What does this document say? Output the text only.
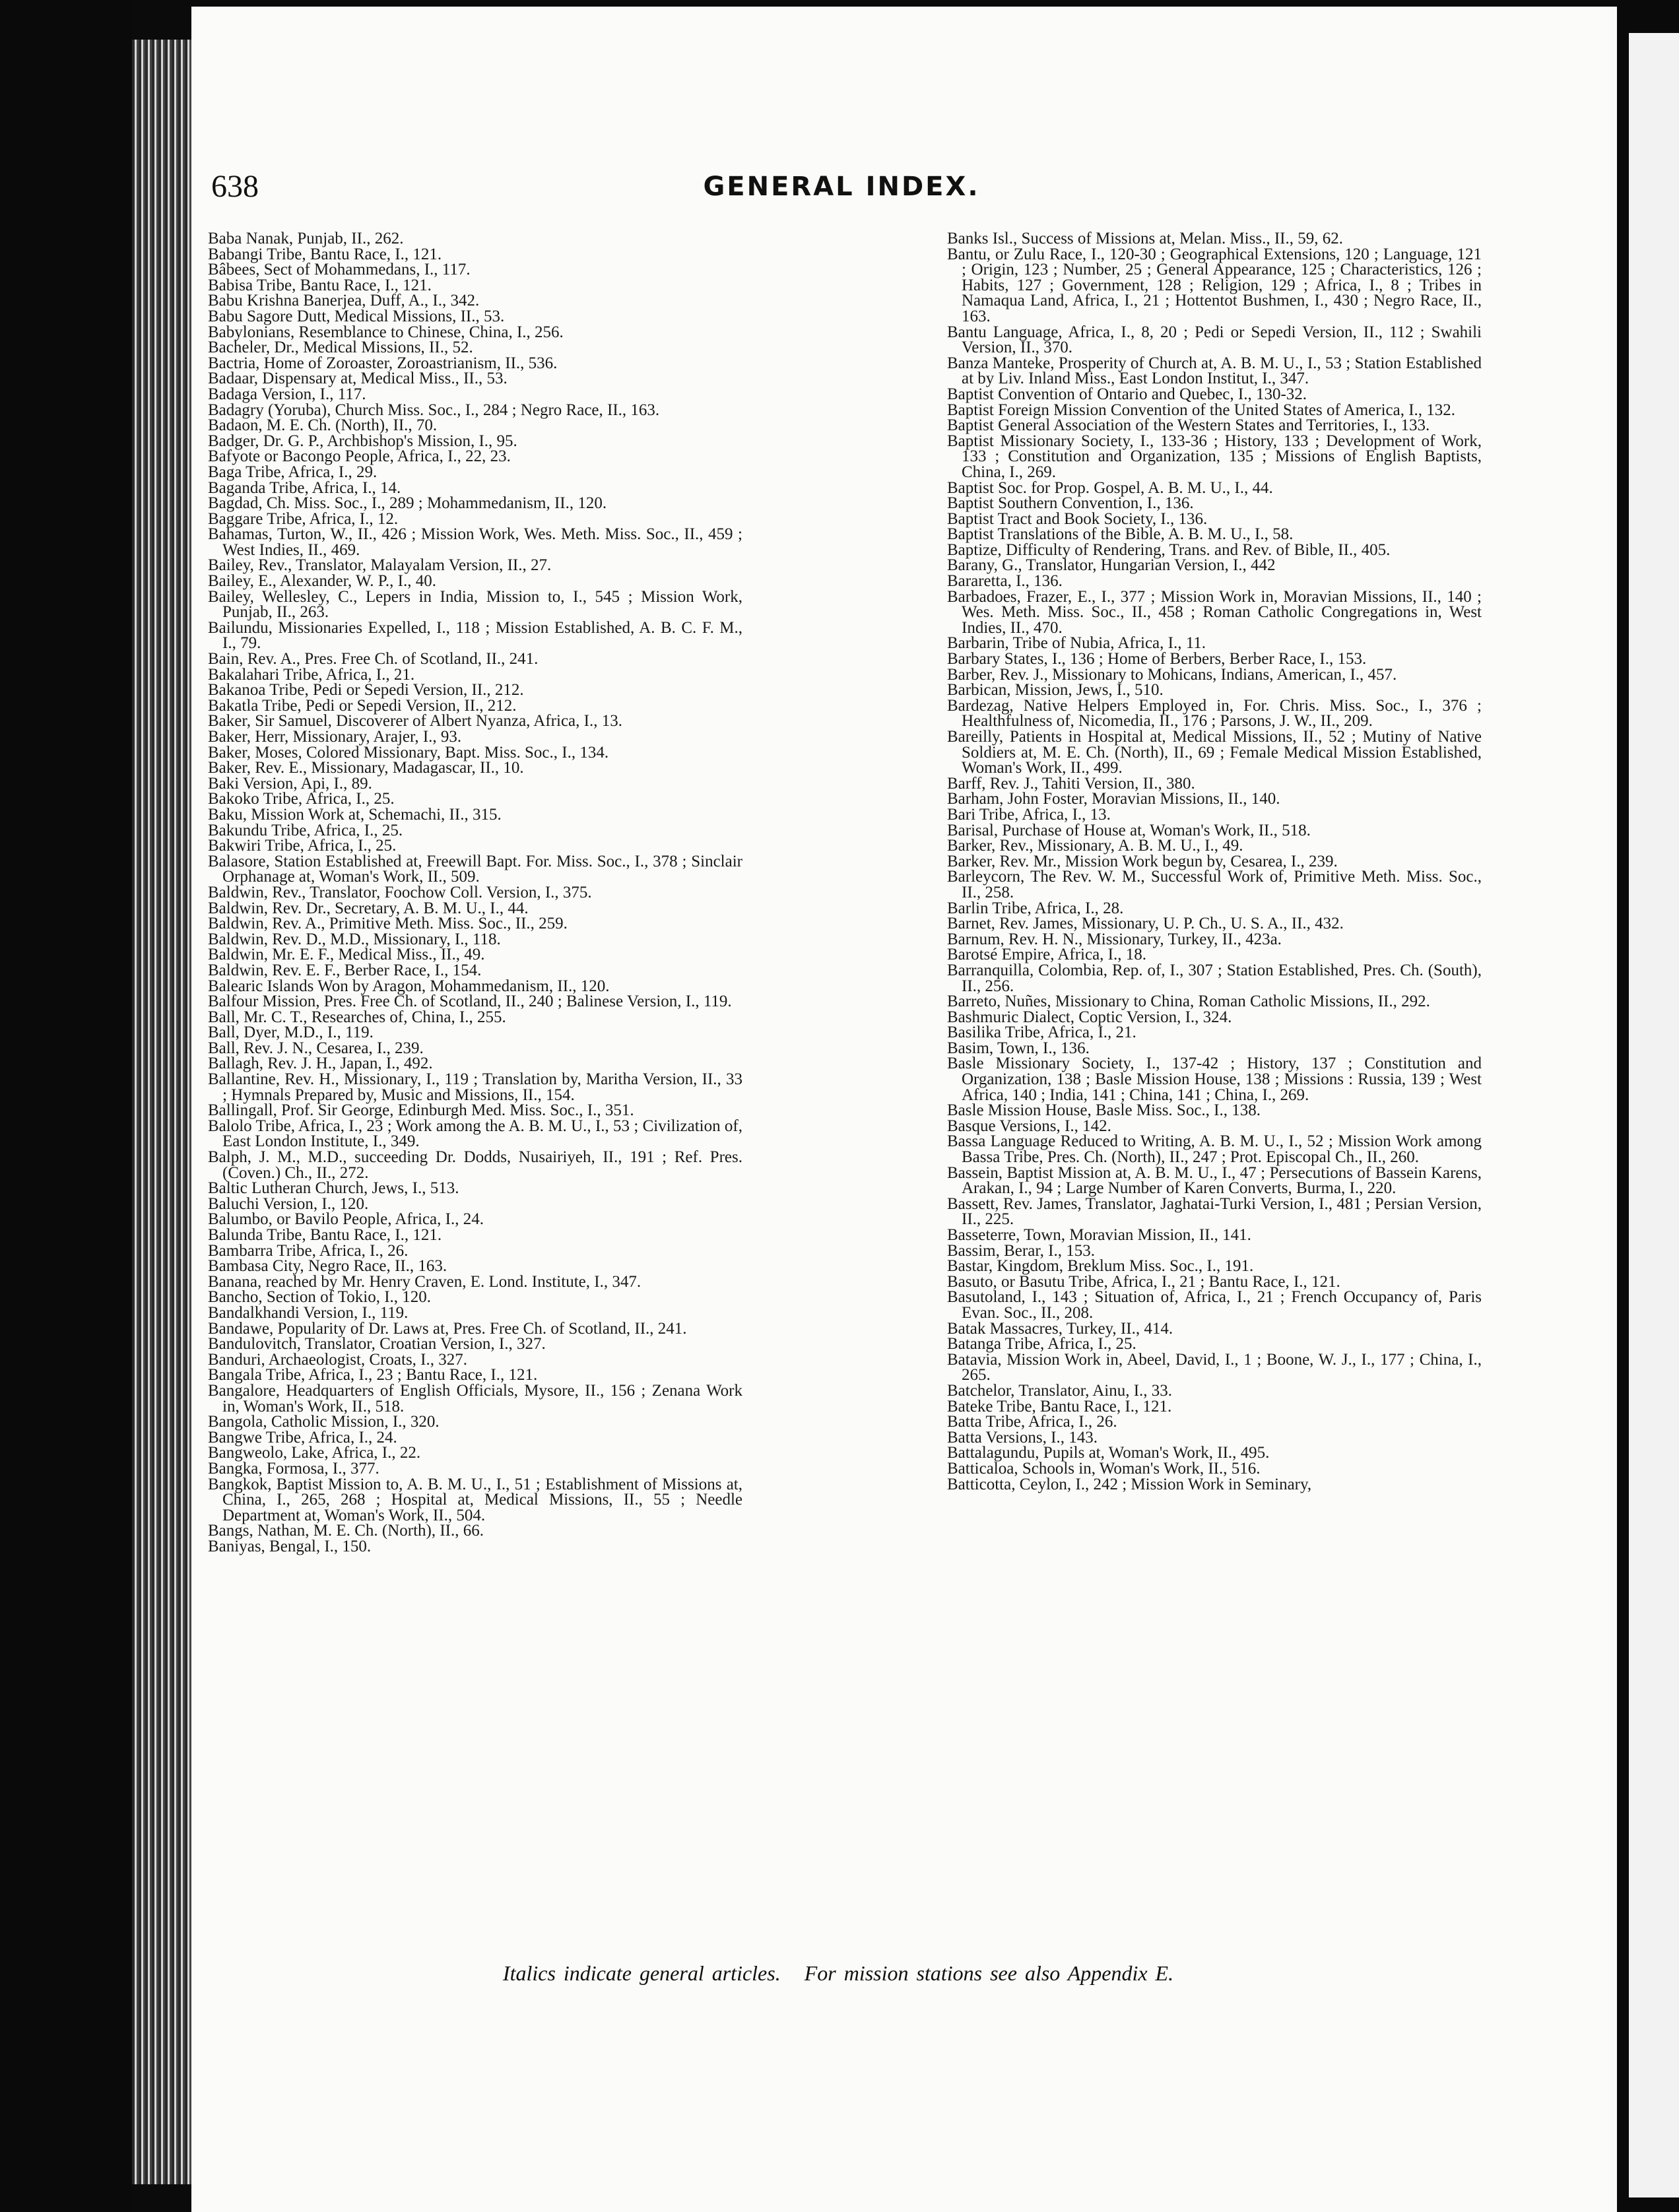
638	GENERAL INDEX.

Baba Nanak, Punjab, II., 262.

Babangi Tribe, Bantu Race, I., 121.

Bâbees, Sect of Mohammedans, I., 117.

Babisa Tribe, Bantu Race, I., 121.

Babu Krishna Banerjea, Duff, A., I., 342.

Babu Sagore Dutt, Medical Missions, II., 53.

Babylonians, Resemblance to Chinese, China, I., 256.

Bacheler, Dr., Medical Missions, II., 52.

Bactria, Home of Zoroaster, Zoroastrianism, II., 536.

Badaar, Dispensary at, Medical Miss., II., 53.

Badaga Version, I., 117.

Badagry (Yoruba), Church Miss. Soc., I., 284 ; Negro Race, II., 163.

Badaon, M. E. Ch. (North), II., 70.

Badger, Dr. G. P., Archbishop's Mission, I., 95.

Bafyote or Bacongo People, Africa, I., 22, 23.

Baga Tribe, Africa, I., 29.

Baganda Tribe, Africa, I., 14.

Bagdad, Ch. Miss. Soc., I., 289 ; Mohammedanism, II., 120.

Baggare Tribe, Africa, I., 12.

Bahamas, Turton, W., II., 426 ; Mission Work, Wes. Meth. Miss. Soc., II., 459 ; West Indies, II., 469.

Bailey, Rev., Translator, Malayalam Version, II., 27.

Bailey, E., Alexander, W. P., I., 40.

Bailey, Wellesley, C., Lepers in India, Mission to, I., 545 ; Mission Work, Punjab, II., 263.

Bailundu, Missionaries Expelled, I., 118 ; Mission Established, A. B. C. F. M., I., 79.

Bain, Rev. A., Pres. Free Ch. of Scotland, II., 241.

Bakalahari Tribe, Africa, I., 21.

Bakanoa Tribe, Pedi or Sepedi Version, II., 212.

Bakatla Tribe, Pedi or Sepedi Version, II., 212.

Baker, Sir Samuel, Discoverer of Albert Nyanza, Africa, I., 13.

Baker, Herr, Missionary, Arajer, I., 93.

Baker, Moses, Colored Missionary, Bapt. Miss. Soc., I., 134.

Baker, Rev. E., Missionary, Madagascar, II., 10.

Baki Version, Api, I., 89.

Bakoko Tribe, Africa, I., 25.

Baku, Mission Work at, Schemachi, II., 315.

Bakundu Tribe, Africa, I., 25.

Bakwiri Tribe, Africa, I., 25.

Balasore, Station Established at, Freewill Bapt. For. Miss. Soc., I., 378 ; Sinclair Orphanage at, Woman's Work, II., 509.

Baldwin, Rev., Translator, Foochow Coll. Version, I., 375.

Baldwin, Rev. Dr., Secretary, A. B. M. U., I., 44.

Baldwin, Rev. A., Primitive Meth. Miss. Soc., II., 259.

Baldwin, Rev. D., M.D., Missionary, I., 118.

Baldwin, Mr. E. F., Medical Miss., II., 49.

Baldwin, Rev. E. F., Berber Race, I., 154.

Balearic Islands Won by Aragon, Mohammedanism, II., 120.

Balfour Mission, Pres. Free Ch. of Scotland, II., 240 ; Balinese Version, I., 119.

Ball, Mr. C. T., Researches of, China, I., 255.

Ball, Dyer, M.D., I., 119.

Ball, Rev. J. N., Cesarea, I., 239.

Ballagh, Rev. J. H., Japan, I., 492.

Ballantine, Rev. H., Missionary, I., 119 ; Translation by, Maritha Version, II., 33 ; Hymnals Prepared by, Music and Missions, II., 154.

Ballingall, Prof. Sir George, Edinburgh Med. Miss. Soc., I., 351.

Balolo Tribe, Africa, I., 23 ; Work among the A. B. M. U., I., 53 ; Civilization of, East London Institute, I., 349.

Balph, J. M., M.D., succeeding Dr. Dodds, Nusairiyeh, II., 191 ; Ref. Pres. (Coven.) Ch., II., 272.

Baltic Lutheran Church, Jews, I., 513.

Baluchi Version, I., 120.

Balumbo, or Bavilo People, Africa, I., 24.

Balunda Tribe, Bantu Race, I., 121.

Bambarra Tribe, Africa, I., 26.

Bambasa City, Negro Race, II., 163.

Banana, reached by Mr. Henry Craven, E. Lond. Institute, I., 347.

Bancho, Section of Tokio, I., 120.

Bandalkhandi Version, I., 119.

Bandawe, Popularity of Dr. Laws at, Pres. Free Ch. of Scotland, II., 241.

Bandulovitch, Translator, Croatian Version, I., 327.

Banduri, Archaeologist, Croats, I., 327.

Bangala Tribe, Africa, I., 23 ; Bantu Race, I., 121.

Bangalore, Headquarters of English Officials, Mysore, II., 156 ; Zenana Work in, Woman's Work, II., 518.

Bangola, Catholic Mission, I., 320.

Bangwe Tribe, Africa, I., 24.

Bangweolo, Lake, Africa, I., 22.

Bangka, Formosa, I., 377.

Bangkok, Baptist Mission to, A. B. M. U., I., 51 ; Establishment of Missions at, China, I., 265, 268 ; Hospital at, Medical Missions, II., 55 ; Needle Department at, Woman's Work, II., 504.

Bangs, Nathan, M. E. Ch. (North), II., 66.

Baniyas, Bengal, I., 150.

Banks Isl., Success of Missions at, Melan. Miss., II., 59, 62.

Bantu, or Zulu Race, I., 120-30 ; Geographical Extensions, 120 ; Language, 121 ; Origin, 123 ; Number, 25 ; General Appearance, 125 ; Characteristics, 126 ; Habits, 127 ; Government, 128 ; Religion, 129 ; Africa, I., 8 ; Tribes in Namaqua Land, Africa, I., 21 ; Hottentot Bushmen, I., 430 ; Negro Race, II., 163.

Bantu Language, Africa, I., 8, 20 ; Pedi or Sepedi Version, II., 112 ; Swahili Version, II., 370.

Banza Manteke, Prosperity of Church at, A. B. M. U., I., 53 ; Station Established at by Liv. Inland Miss., East London Institut, I., 347.

Baptist Convention of Ontario and Quebec, I., 130-32.

Baptist Foreign Mission Convention of the United States of America, I., 132.

Baptist General Association of the Western States and Territories, I., 133.

Baptist Missionary Society, I., 133-36 ; History, 133 ; Development of Work, 133 ; Constitution and Organization, 135 ; Missions of English Baptists, China, I., 269.

Baptist Soc. for Prop. Gospel, A. B. M. U., I., 44.

Baptist Southern Convention, I., 136.

Baptist Tract and Book Society, I., 136.

Baptist Translations of the Bible, A. B. M. U., I., 58.

Baptize, Difficulty of Rendering, Trans. and Rev. of Bible, II., 405.

Barany, G., Translator, Hungarian Version, I., 442

Bararetta, I., 136.

Barbadoes, Frazer, E., I., 377 ; Mission Work in, Moravian Missions, II., 140 ; Wes. Meth. Miss. Soc., II., 458 ; Roman Catholic Congregations in, West Indies, II., 470.

Barbarin, Tribe of Nubia, Africa, I., 11.

Barbary States, I., 136 ; Home of Berbers, Berber Race, I., 153.

Barber, Rev. J., Missionary to Mohicans, Indians, American, I., 457.

Barbican, Mission, Jews, I., 510.

Bardezag, Native Helpers Employed in, For. Chris. Miss. Soc., I., 376 ; Healthfulness of, Nicomedia, II., 176 ; Parsons, J. W., II., 209.

Bareilly, Patients in Hospital at, Medical Missions, II., 52 ; Mutiny of Native Soldiers at, M. E. Ch. (North), II., 69 ; Female Medical Mission Established, Woman's Work, II., 499.

Barff, Rev. J., Tahiti Version, II., 380.

Barham, John Foster, Moravian Missions, II., 140.

Bari Tribe, Africa, I., 13.

Barisal, Purchase of House at, Woman's Work, II., 518.

Barker, Rev., Missionary, A. B. M. U., I., 49.

Barker, Rev. Mr., Mission Work begun by, Cesarea, I., 239.

Barleycorn, The Rev. W. M., Successful Work of, Primitive Meth. Miss. Soc., II., 258.

Barlin Tribe, Africa, I., 28.

Barnet, Rev. James, Missionary, U. P. Ch., U. S. A., II., 432.

Barnum, Rev. H. N., Missionary, Turkey, II., 423a.

Barotsé Empire, Africa, I., 18.

Barranquilla, Colombia, Rep. of, I., 307 ; Station Established, Pres. Ch. (South), II., 256.

Barreto, Nuñes, Missionary to China, Roman Catholic Missions, II., 292.

Bashmuric Dialect, Coptic Version, I., 324.

Basilika Tribe, Africa, I., 21.

Basim, Town, I., 136.

Basle Missionary Society, I., 137-42 ; History, 137 ; Constitution and Organization, 138 ; Basle Mission House, 138 ; Missions : Russia, 139 ; West Africa, 140 ; India, 141 ; China, 141 ; China, I., 269.

Basle Mission House, Basle Miss. Soc., I., 138.

Basque Versions, I., 142.

Bassa Language Reduced to Writing, A. B. M. U., I., 52 ; Mission Work among Bassa Tribe, Pres. Ch. (North), II., 247 ; Prot. Episcopal Ch., II., 260.

Bassein, Baptist Mission at, A. B. M. U., I., 47 ; Persecutions of Bassein Karens, Arakan, I., 94 ; Large Number of Karen Converts, Burma, I., 220.

Bassett, Rev. James, Translator, Jaghatai-Turki Version, I., 481 ; Persian Version, II., 225.

Basseterre, Town, Moravian Mission, II., 141.

Bassim, Berar, I., 153.

Bastar, Kingdom, Breklum Miss. Soc., I., 191.

Basuto, or Basutu Tribe, Africa, I., 21 ; Bantu Race, I., 121.

Basutoland, I., 143 ; Situation of, Africa, I., 21 ; French Occupancy of, Paris Evan. Soc., II., 208.

Batak Massacres, Turkey, II., 414.

Batanga Tribe, Africa, I., 25.

Batavia, Mission Work in, Abeel, David, I., 1 ; Boone, W. J., I., 177 ; China, I., 265.

Batchelor, Translator, Ainu, I., 33.

Bateke Tribe, Bantu Race, I., 121.

Batta Tribe, Africa, I., 26.

Batta Versions, I., 143.

Battalagundu, Pupils at, Woman's Work, II., 495.

Batticaloa, Schools in, Woman's Work, II., 516.

Batticotta, Ceylon, I., 242 ; Mission Work in Seminary,

Italics indicate general articles. For mission stations see also Appendix E.
